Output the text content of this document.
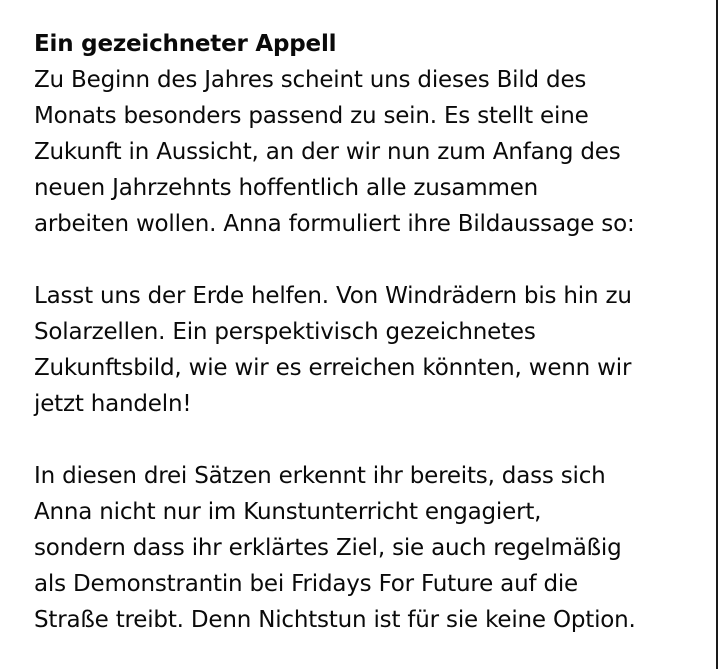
Ein gezeichneter Appell
Zu Beginn des Jahres scheint uns dieses Bild des
Monats besonders passend zu sein. Es stellt eine
Zukunft in Aussicht, an der wir nun zum Anfang des
neuen Jahrzehnts hoffentlich alle zusammen
arbeiten wollen. Anna formuliert ihre Bildaussage so:
Lasst uns der Erde helfen. Von Windrädern bis hin zu
Solarzellen. Ein perspektivisch gezeichnetes
Zukunftsbild, wie wir es erreichen könnten, wenn wir
jetzt handeln!
In diesen drei Sätzen erkennt ihr bereits, dass sich
Anna nicht nur im Kunstunterricht engagiert,
sondern dass ihr erklärtes Ziel, sie auch regelmäßig
als Demonstrantin bei Fridays For Future auf die
Straße treibt. Denn Nichtstun ist für sie keine Option.
